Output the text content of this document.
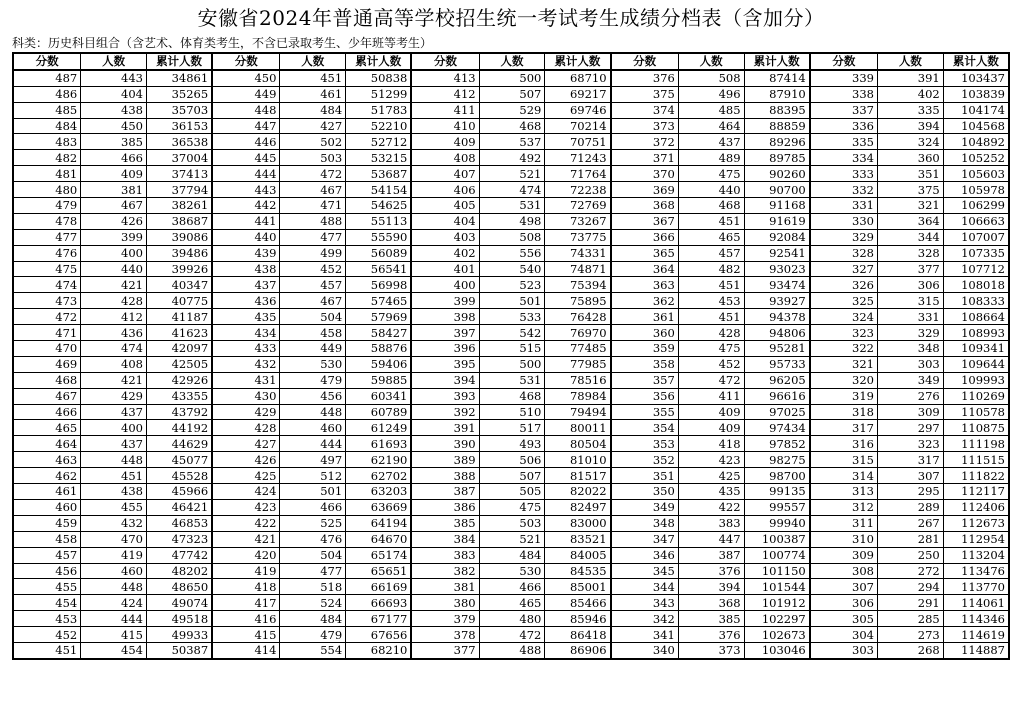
安徽省2024年普通高等学校招生统一考试考生成绩分档表（含加分）
科类：历史科目组合（含艺术、体育类考生，不含已录取考生、少年班等考生）
分数	人数	累计人数	分数	人数	累计人数	分数	人数	累计人数	分数	人数	累计人数	分数	人数	累计人数
487	443	34861	450	451	50838	413	500	68710	376	508	87414	339	391	103437
486	404	35265	449	461	51299	412	507	69217	375	496	87910	338	402	103839
485	438	35703	448	484	51783	411	529	69746	374	485	88395	337	335	104174
484	450	36153	447	427	52210	410	468	70214	373	464	88859	336	394	104568
483	385	36538	446	502	52712	409	537	70751	372	437	89296	335	324	104892
482	466	37004	445	503	53215	408	492	71243	371	489	89785	334	360	105252
481	409	37413	444	472	53687	407	521	71764	370	475	90260	333	351	105603
480	381	37794	443	467	54154	406	474	72238	369	440	90700	332	375	105978
479	467	38261	442	471	54625	405	531	72769	368	468	91168	331	321	106299
478	426	38687	441	488	55113	404	498	73267	367	451	91619	330	364	106663
477	399	39086	440	477	55590	403	508	73775	366	465	92084	329	344	107007
476	400	39486	439	499	56089	402	556	74331	365	457	92541	328	328	107335
475	440	39926	438	452	56541	401	540	74871	364	482	93023	327	377	107712
474	421	40347	437	457	56998	400	523	75394	363	451	93474	326	306	108018
473	428	40775	436	467	57465	399	501	75895	362	453	93927	325	315	108333
472	412	41187	435	504	57969	398	533	76428	361	451	94378	324	331	108664
471	436	41623	434	458	58427	397	542	76970	360	428	94806	323	329	108993
470	474	42097	433	449	58876	396	515	77485	359	475	95281	322	348	109341
469	408	42505	432	530	59406	395	500	77985	358	452	95733	321	303	109644
468	421	42926	431	479	59885	394	531	78516	357	472	96205	320	349	109993
467	429	43355	430	456	60341	393	468	78984	356	411	96616	319	276	110269
466	437	43792	429	448	60789	392	510	79494	355	409	97025	318	309	110578
465	400	44192	428	460	61249	391	517	80011	354	409	97434	317	297	110875
464	437	44629	427	444	61693	390	493	80504	353	418	97852	316	323	111198
463	448	45077	426	497	62190	389	506	81010	352	423	98275	315	317	111515
462	451	45528	425	512	62702	388	507	81517	351	425	98700	314	307	111822
461	438	45966	424	501	63203	387	505	82022	350	435	99135	313	295	112117
460	455	46421	423	466	63669	386	475	82497	349	422	99557	312	289	112406
459	432	46853	422	525	64194	385	503	83000	348	383	99940	311	267	112673
458	470	47323	421	476	64670	384	521	83521	347	447	100387	310	281	112954
457	419	47742	420	504	65174	383	484	84005	346	387	100774	309	250	113204
456	460	48202	419	477	65651	382	530	84535	345	376	101150	308	272	113476
455	448	48650	418	518	66169	381	466	85001	344	394	101544	307	294	113770
454	424	49074	417	524	66693	380	465	85466	343	368	101912	306	291	114061
453	444	49518	416	484	67177	379	480	85946	342	385	102297	305	285	114346
452	415	49933	415	479	67656	378	472	86418	341	376	102673	304	273	114619
451	454	50387	414	554	68210	377	488	86906	340	373	103046	303	268	114887
